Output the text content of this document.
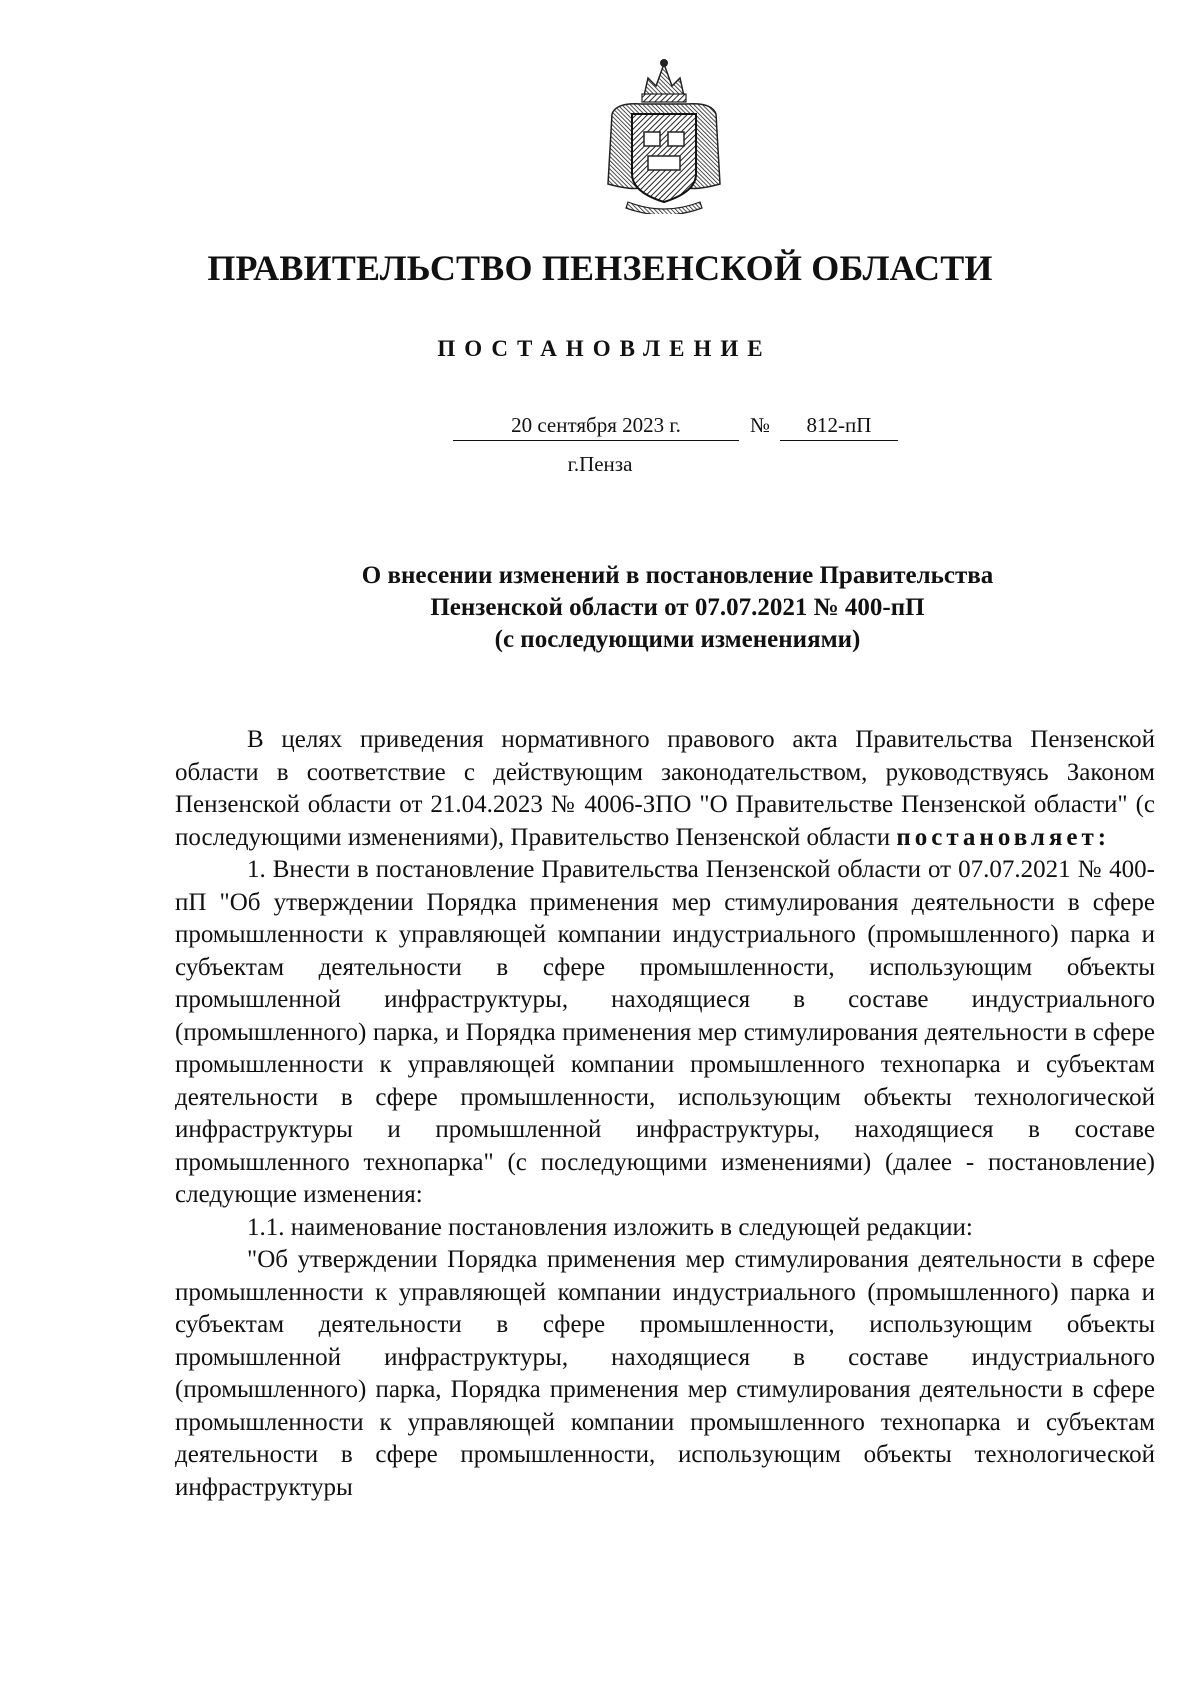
ПРАВИТЕЛЬСТВО ПЕНЗЕНСКОЙ ОБЛАСТИ
ПОСТАНОВЛЕНИЕ
20 сентября 2023 г.	№	812-пП
г.Пенза
О внесении изменений в постановление Правительства
Пензенской области от 07.07.2021 № 400-пП
(с последующими изменениями)

В целях приведения нормативного правового акта Правительства Пензенской области в соответствие с действующим законодательством, руководствуясь Законом Пензенской области от 21.04.2023 № 4006-ЗПО "О Правительстве Пензенской области" (с последующими изменениями), Правительство Пензенской области постановляет:

1. Внести в постановление Правительства Пензенской области от 07.07.2021 № 400-пП "Об утверждении Порядка применения мер стимулирования деятельности в сфере промышленности к управляющей компании индустриального (промышленного) парка и субъектам деятельности в сфере промышленности, использующим объекты промышленной инфраструктуры, находящиеся в составе индустриального (промышленного) парка, и Порядка применения мер стимулирования деятельности в сфере промышленности к управляющей компании промышленного технопарка и субъектам деятельности в сфере промышленности, использующим объекты технологической инфраструктуры и промышленной инфраструктуры, находящиеся в составе промышленного технопарка" (с последующими изменениями) (далее - постановление) следующие изменения:

1.1. наименование постановления изложить в следующей редакции:

"Об утверждении Порядка применения мер стимулирования деятельности в сфере промышленности к управляющей компании индустриального (промышленного) парка и субъектам деятельности в сфере промышленности, использующим объекты промышленной инфраструктуры, находящиеся в составе индустриального (промышленного) парка, Порядка применения мер стимулирования деятельности в сфере промышленности к управляющей компании промышленного технопарка и субъектам деятельности в сфере промышленности, использующим объекты технологической инфраструктуры
